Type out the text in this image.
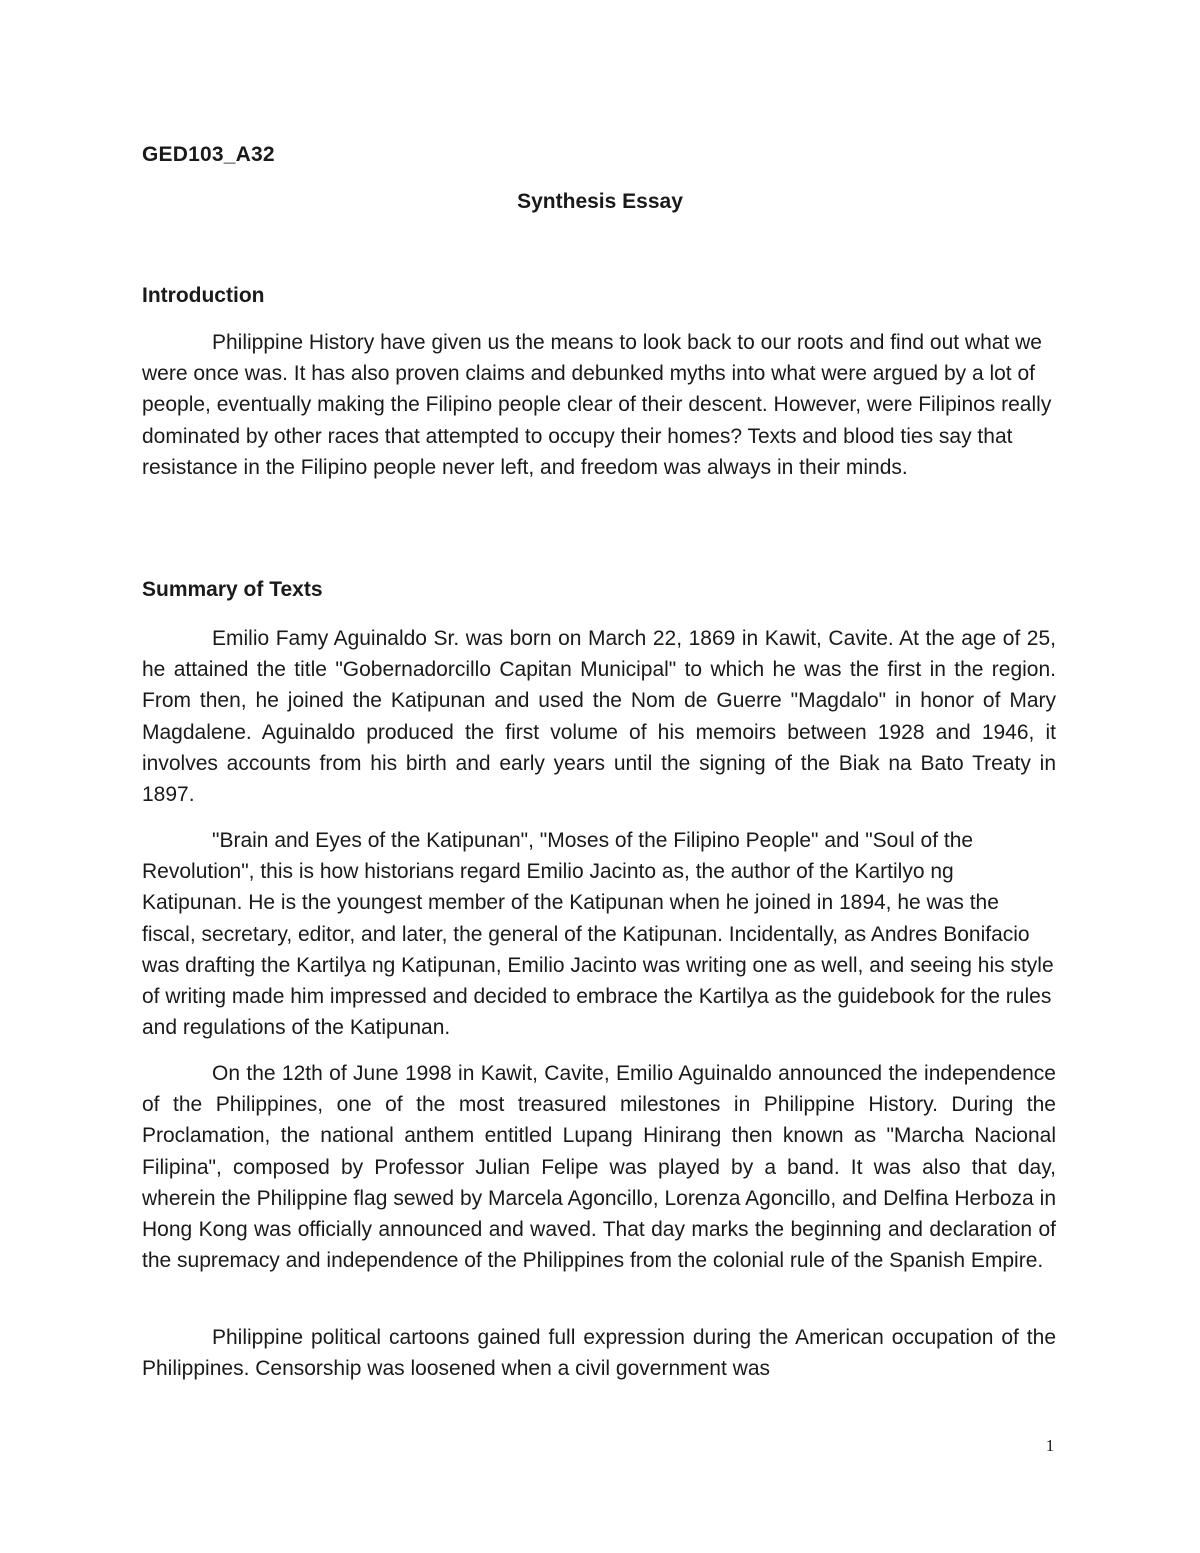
GED103_A32
Synthesis Essay
Introduction

Philippine History have given us the means to look back to our roots and find out what we were once was. It has also proven claims and debunked myths into what were argued by a lot of people, eventually making the Filipino people clear of their descent. However, were Filipinos really dominated by other races that attempted to occupy their homes? Texts and blood ties say that resistance in the Filipino people never left, and freedom was always in their minds.

Summary of Texts

Emilio Famy Aguinaldo Sr. was born on March 22, 1869 in Kawit, Cavite. At the age of 25, he attained the title "Gobernadorcillo Capitan Municipal" to which he was the first in the region. From then, he joined the Katipunan and used the Nom de Guerre "Magdalo" in honor of Mary Magdalene. Aguinaldo produced the first volume of his memoirs between 1928 and 1946, it involves accounts from his birth and early years until the signing of the Biak na Bato Treaty in 1897.

"Brain and Eyes of the Katipunan", "Moses of the Filipino People" and "Soul of the Revolution", this is how historians regard Emilio Jacinto as, the author of the Kartilyo ng Katipunan. He is the youngest member of the Katipunan when he joined in 1894, he was the fiscal, secretary, editor, and later, the general of the Katipunan. Incidentally, as Andres Bonifacio was drafting the Kartilya ng Katipunan, Emilio Jacinto was writing one as well, and seeing his style of writing made him impressed and decided to embrace the Kartilya as the guidebook for the rules and regulations of the Katipunan.

On the 12th of June 1998 in Kawit, Cavite, Emilio Aguinaldo announced the independence of the Philippines, one of the most treasured milestones in Philippine History. During the Proclamation, the national anthem entitled Lupang Hinirang then known as "Marcha Nacional Filipina", composed by Professor Julian Felipe was played by a band. It was also that day, wherein the Philippine flag sewed by Marcela Agoncillo, Lorenza Agoncillo, and Delfina Herboza in Hong Kong was officially announced and waved. That day marks the beginning and declaration of the supremacy and independence of the Philippines from the colonial rule of the Spanish Empire.

Philippine political cartoons gained full expression during the American occupation of the Philippines. Censorship was loosened when a civil government was

1
